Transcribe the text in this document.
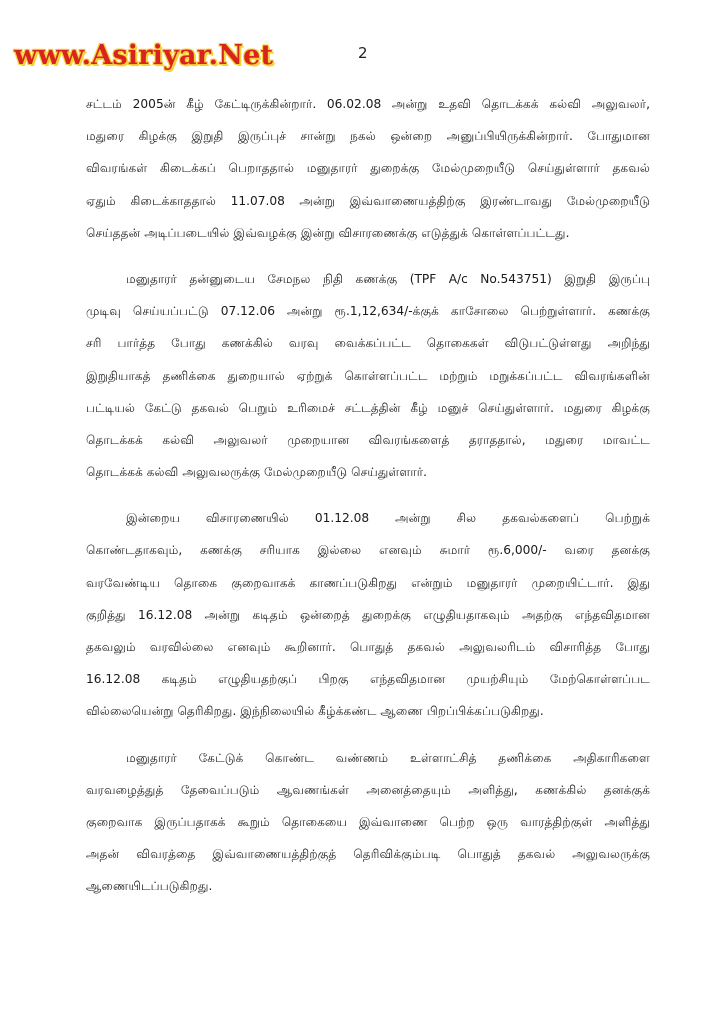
www.Asiriyar.Net	2
சட்டம் 2005ன் கீழ் கேட்டிருக்கின்றார். 06.02.08 அன்று உதவி தொடக்கக் கல்வி அலுவலர்,
மதுரை கிழக்கு இறுதி இருப்புச் சான்று நகல் ஒன்றை அனுப்பியிருக்கின்றார். போதுமான
விவரங்கள் கிடைக்கப் பெறாததால் மனுதாரர் துறைக்கு மேல்முறையீடு செய்துள்ளார் தகவல்
ஏதும் கிடைக்காததால் 11.07.08 அன்று இவ்வாணையத்திற்கு இரண்டாவது மேல்முறையீடு
செய்ததன் அடிப்படையில் இவ்வழக்கு இன்று விசாரணைக்கு எடுத்துக் கொள்ளப்பட்டது.
மனுதாரர் தன்னுடைய சேமநல நிதி கணக்கு (TPF A/c No.543751) இறுதி இருப்பு
முடிவு செய்யப்பட்டு 07.12.06 அன்று ரூ.1,12,634/-க்குக் காசோலை பெற்றுள்ளார். கணக்கு
சரி பார்த்த போது கணக்கில் வரவு வைக்கப்பட்ட தொகைகள் விடுபட்டுள்ளது அறிந்து
இறுதியாகத் தணிக்கை துறையால் ஏற்றுக் கொள்ளப்பட்ட மற்றும் மறுக்கப்பட்ட விவரங்களின்
பட்டியல் கேட்டு தகவல் பெறும் உரிமைச் சட்டத்தின் கீழ் மனுச் செய்துள்ளார். மதுரை கிழக்கு
தொடக்கக் கல்வி அலுவலர் முறையான விவரங்களைத் தராததால், மதுரை மாவட்ட
தொடக்கக் கல்வி அலுவலருக்கு மேல்முறையீடு செய்துள்ளார்.
இன்றைய விசாரணையில் 01.12.08 அன்று சில தகவல்களைப் பெற்றுக்
கொண்டதாகவும், கணக்கு சரியாக இல்லை எனவும் சுமார் ரூ.6,000/- வரை தனக்கு
வரவேண்டிய தொகை குறைவாகக் காணப்படுகிறது என்றும் மனுதாரர் முறையிட்டார். இது
குறித்து 16.12.08 அன்று கடிதம் ஒன்றைத் துறைக்கு எழுதியதாகவும் அதற்கு எந்தவிதமான
தகவலும் வரவில்லை எனவும் கூறினார். பொதுத் தகவல் அலுவலரிடம் விசாரித்த போது
16.12.08 கடிதம் எழுதியதற்குப் பிறகு எந்தவிதமான முயற்சியும் மேற்கொள்ளப்பட
வில்லையென்று தெரிகிறது. இந்நிலையில் கீழ்க்கண்ட ஆணை பிறப்பிக்கப்படுகிறது.
மனுதாரர் கேட்டுக் கொண்ட வண்ணம் உள்ளாட்சித் தணிக்கை அதிகாரிகளை
வரவழைத்துத் தேவைப்படும் ஆவணங்கள் அனைத்தையும் அளித்து, கணக்கில் தனக்குக்
குறைவாக இருப்பதாகக் கூறும் தொகையை இவ்வாணை பெற்ற ஒரு வாரத்திற்குள் அளித்து
அதன் விவரத்தை இவ்வாணையத்திற்குத் தெரிவிக்கும்படி பொதுத் தகவல் அலுவலருக்கு
ஆணையிடப்படுகிறது.
